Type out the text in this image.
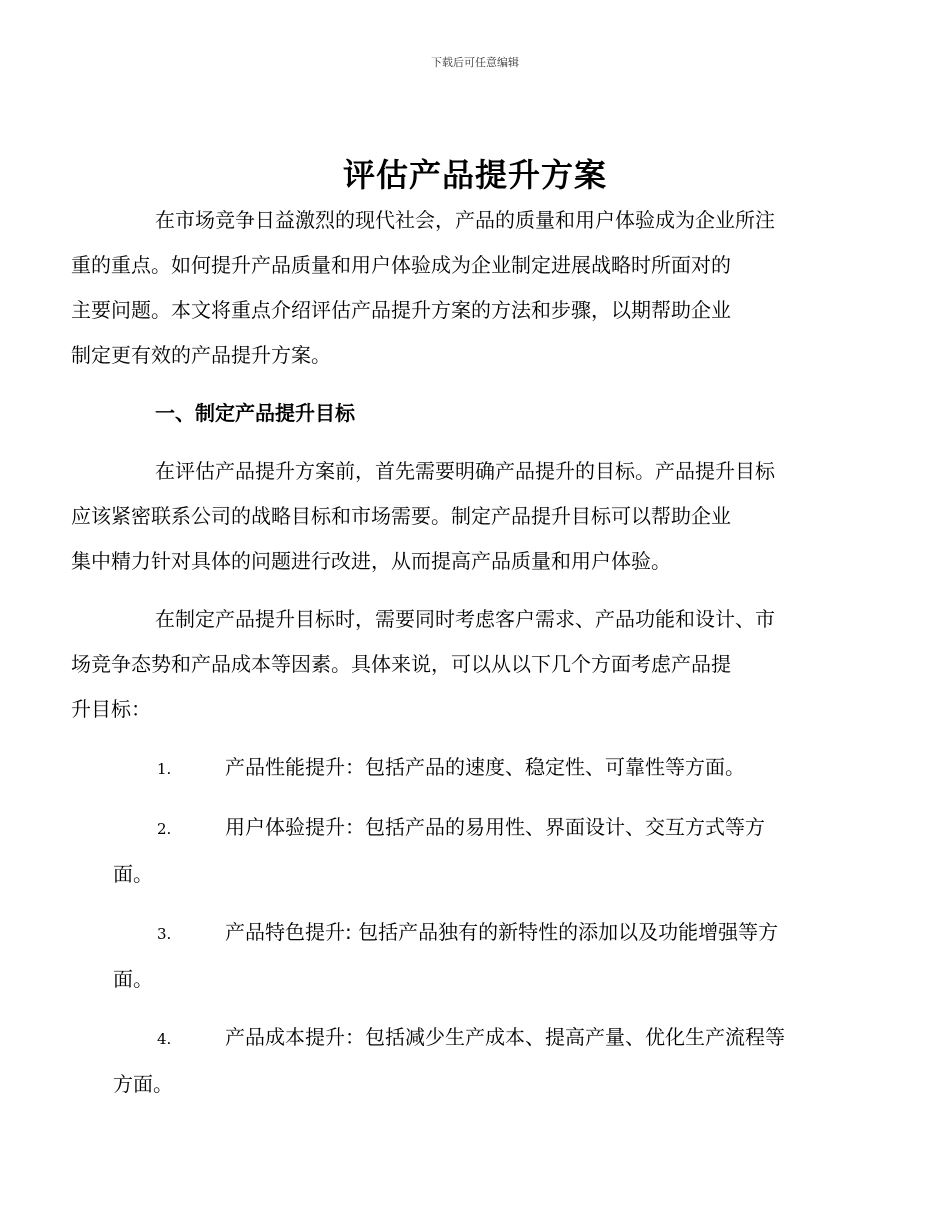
下载后可任意编辑
评估产品提升方案

在市场竞争日益激烈的现代社会，产品的质量和用户体验成为企业所注
重的重点。如何提升产品质量和用户体验成为企业制定进展战略时所面对的
主要问题。本文将重点介绍评估产品提升方案的方法和步骤，以期帮助企业
制定更有效的产品提升方案。

一、制定产品提升目标

在评估产品提升方案前，首先需要明确产品提升的目标。产品提升目标
应该紧密联系公司的战略目标和市场需要。制定产品提升目标可以帮助企业
集中精力针对具体的问题进行改进，从而提高产品质量和用户体验。

在制定产品提升目标时，需要同时考虑客户需求、产品功能和设计、市
场竞争态势和产品成本等因素。具体来说，可以从以下几个方面考虑产品提
升目标：

1.	产品性能提升：包括产品的速度、稳定性、可靠性等方面。

2.	用户体验提升：包括产品的易用性、界面设计、交互方式等方
面。

3.	产品特色提升: 包括产品独有的新特性的添加以及功能增强等方
面。

4.	产品成本提升：包括减少生产成本、提高产量、优化生产流程等
方面。
